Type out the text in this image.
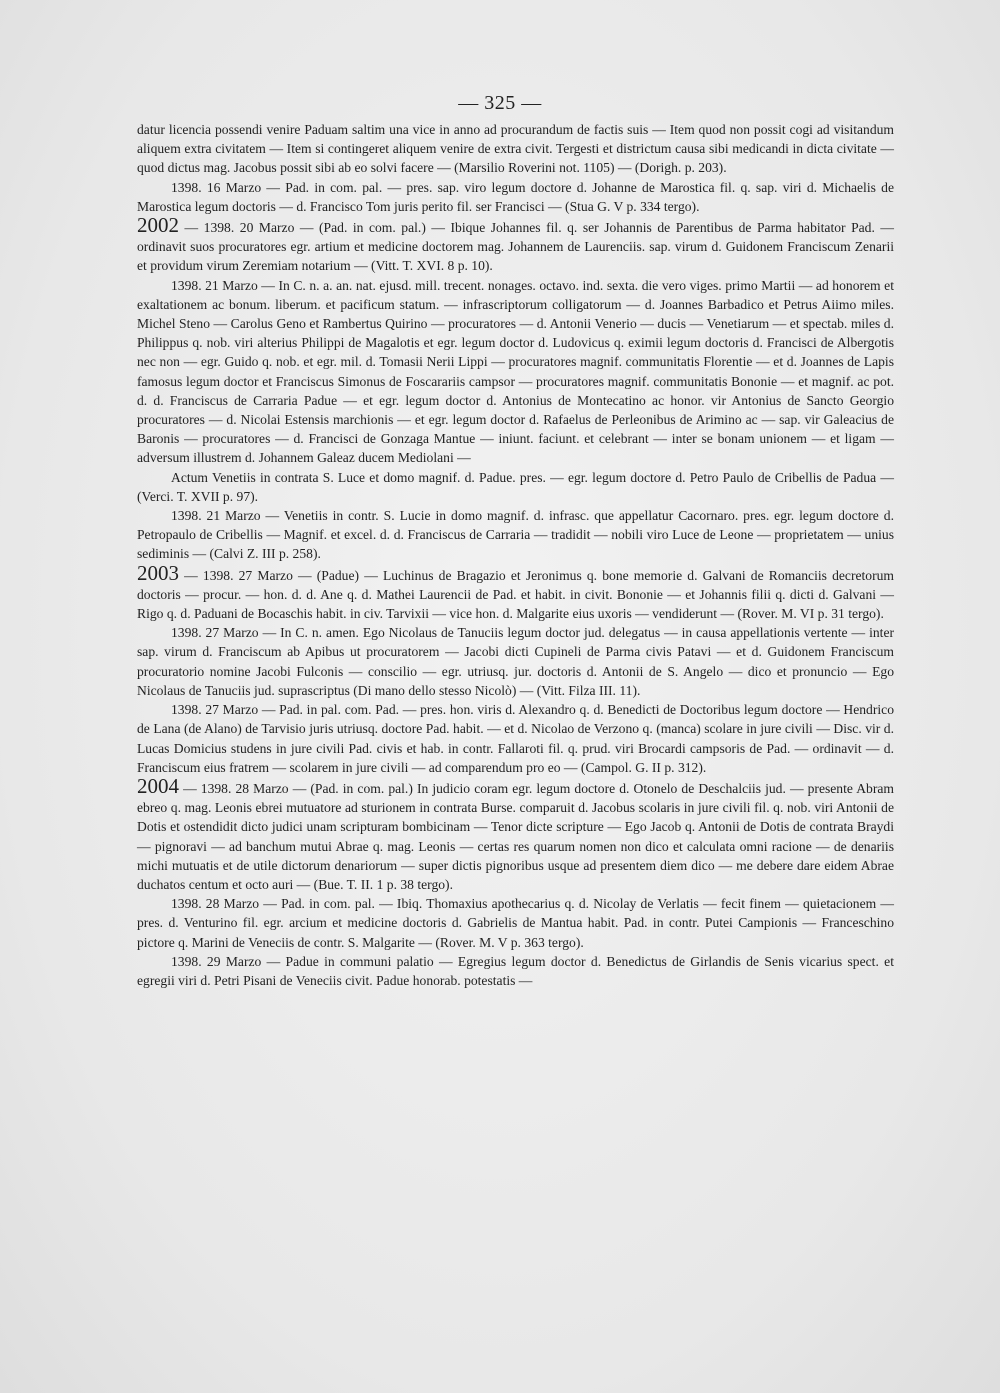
— 325 —

datur licencia possendi venire Paduam saltim una vice in anno ad procurandum de factis suis — Item quod non possit cogi ad visitandum aliquem extra civitatem — Item si contingeret aliquem venire de extra civit. Tergesti et districtum causa sibi medicandi in dicta civitate — quod dictus mag. Jacobus possit sibi ab eo solvi facere — (Marsilio Roverini not. 1105) — (Dorigh. p. 203).

1398. 16 Marzo — Pad. in com. pal. — pres. sap. viro legum doctore d. Johanne de Marostica fil. q. sap. viri d. Michaelis de Marostica legum doctoris — d. Francisco Tom juris perito fil. ser Francisci — (Stua G. V p. 334 tergo).

2002 — 1398. 20 Marzo — (Pad. in com. pal.) — Ibique Johannes fil. q. ser Johannis de Parentibus de Parma habitator Pad. — ordinavit suos procuratores egr. artium et medicine doctorem mag. Johannem de Laurenciis. sap. virum d. Guidonem Franciscum Zenarii et providum virum Zeremiam notarium — (Vitt. T. XVI. 8 p. 10).

1398. 21 Marzo — In C. n. a. an. nat. ejusd. mill. trecent. nonages. octavo. ind. sexta. die vero viges. primo Martii — ad honorem et exaltationem ac bonum. liberum. et pacificum statum. — infrascriptorum colligatorum — d. Joannes Barbadico et Petrus Aiimo miles. Michel Steno — Carolus Geno et Rambertus Quirino — procuratores — d. Antonii Venerio — ducis — Venetiarum — et spectab. miles d. Philippus q. nob. viri alterius Philippi de Magalotis et egr. legum doctor d. Ludovicus q. eximii legum doctoris d. Francisci de Albergotis nec non — egr. Guido q. nob. et egr. mil. d. Tomasii Nerii Lippi — procuratores magnif. communitatis Florentie — et d. Joannes de Lapis famosus legum doctor et Franciscus Simonus de Foscarariis campsor — procuratores magnif. communitatis Bononie — et magnif. ac pot. d. d. Franciscus de Carraria Padue — et egr. legum doctor d. Antonius de Montecatino ac honor. vir Antonius de Sancto Georgio procuratores — d. Nicolai Estensis marchionis — et egr. legum doctor d. Rafaelus de Perleonibus de Arimino ac — sap. vir Galeacius de Baronis — procuratores — d. Francisci de Gonzaga Mantue — iniunt. faciunt. et celebrant — inter se bonam unionem — et ligam — adversum illustrem d. Johannem Galeaz ducem Mediolani —

Actum Venetiis in contrata S. Luce et domo magnif. d. Padue. pres. — egr. legum doctore d. Petro Paulo de Cribellis de Padua — (Verci. T. XVII p. 97).

1398. 21 Marzo — Venetiis in contr. S. Lucie in domo magnif. d. infrasc. que appellatur Cacornaro. pres. egr. legum doctore d. Petropaulo de Cribellis — Magnif. et excel. d. d. Franciscus de Carraria — tradidit — nobili viro Luce de Leone — proprietatem — unius sediminis — (Calvi Z. III p. 258).

2003 — 1398. 27 Marzo — (Padue) — Luchinus de Bragazio et Jeronimus q. bone memorie d. Galvani de Romanciis decretorum doctoris — procur. — hon. d. d. Ane q. d. Mathei Laurencii de Pad. et habit. in civit. Bononie — et Johannis filii q. dicti d. Galvani — Rigo q. d. Paduani de Bocaschis habit. in civ. Tarvixii — vice hon. d. Malgarite eius uxoris — vendiderunt — (Rover. M. VI p. 31 tergo).

1398. 27 Marzo — In C. n. amen. Ego Nicolaus de Tanuciis legum doctor jud. delegatus — in causa appellationis vertente — inter sap. virum d. Franciscum ab Apibus ut procuratorem — Jacobi dicti Cupineli de Parma civis Patavi — et d. Guidonem Franciscum procuratorio nomine Jacobi Fulconis — conscilio — egr. utriusq. jur. doctoris d. Antonii de S. Angelo — dico et pronuncio — Ego Nicolaus de Tanuciis jud. suprascriptus (Di mano dello stesso Nicolò) — (Vitt. Filza III. 11).

1398. 27 Marzo — Pad. in pal. com. Pad. — pres. hon. viris d. Alexandro q. d. Benedicti de Doctoribus legum doctore — Hendrico de Lana (de Alano) de Tarvisio juris utriusq. doctore Pad. habit. — et d. Nicolao de Verzono q. (manca) scolare in jure civili — Disc. vir d. Lucas Domicius studens in jure civili Pad. civis et hab. in contr. Fallaroti fil. q. prud. viri Brocardi campsoris de Pad. — ordinavit — d. Franciscum eius fratrem — scolarem in jure civili — ad comparendum pro eo — (Campol. G. II p. 312).

2004 — 1398. 28 Marzo — (Pad. in com. pal.) In judicio coram egr. legum doctore d. Otonelo de Deschalciis jud. — presente Abram ebreo q. mag. Leonis ebrei mutuatore ad sturionem in contrata Burse. comparuit d. Jacobus scolaris in jure civili fil. q. nob. viri Antonii de Dotis et ostendidit dicto judici unam scripturam bombicinam — Tenor dicte scripture — Ego Jacob q. Antonii de Dotis de contrata Braydi — pignoravi — ad banchum mutui Abrae q. mag. Leonis — certas res quarum nomen non dico et calculata omni racione — de denariis michi mutuatis et de utile dictorum denariorum — super dictis pignoribus usque ad presentem diem dico — me debere dare eidem Abrae duchatos centum et octo auri — (Bue. T. II. 1 p. 38 tergo).

1398. 28 Marzo — Pad. in com. pal. — Ibiq. Thomaxius apothecarius q. d. Nicolay de Verlatis — fecit finem — quietacionem — pres. d. Venturino fil. egr. arcium et medicine doctoris d. Gabrielis de Mantua habit. Pad. in contr. Putei Campionis — Franceschino pictore q. Marini de Veneciis de contr. S. Malgarite — (Rover. M. V p. 363 tergo).

1398. 29 Marzo — Padue in communi palatio — Egregius legum doctor d. Benedictus de Girlandis de Senis vicarius spect. et egregii viri d. Petri Pisani de Veneciis civit. Padue honorab. potestatis —
